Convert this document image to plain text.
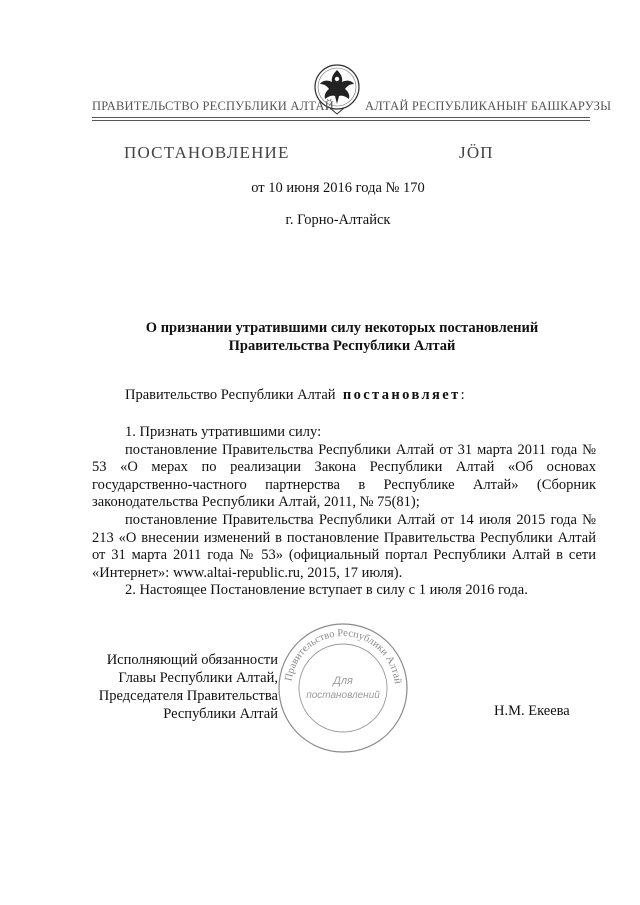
ПРАВИТЕЛЬСТВО РЕСПУБЛИКИ АЛТАЙ АЛТАЙ РЕСПУБЛИКАНЫҤ БАШКАРУЗЫ
ПОСТАНОВЛЕНИЕ	ЈӦП
от 10 июня 2016 года № 170
г. Горно-Алтайск
О признании утратившими силу некоторых постановлений
Правительства Республики Алтай
Правительство Республики Алтай постановляет:

1. Признать утратившими силу:

постановление Правительства Республики Алтай от 31 марта 2011 года № 53 «О мерах по реализации Закона Республики Алтай «Об основах государственно-частного партнерства в Республике Алтай» (Сборник законодательства Республики Алтай, 2011, № 75(81);

постановление Правительства Республики Алтай от 14 июля 2015 года № 213 «О внесении изменений в постановление Правительства Республики Алтай от 31 марта 2011 года № 53» (официальный портал Республики Алтай в сети «Интернет»: www.altai-republic.ru, 2015, 17 июля).

2. Настоящее Постановление вступает в силу с 1 июля 2016 года.

Исполняющий обязанности
Главы Республики Алтай,
Председателя Правительства
Республики Алтай	Н.М. Екеева
Правительство Республики Алтай
Для
постановлений
